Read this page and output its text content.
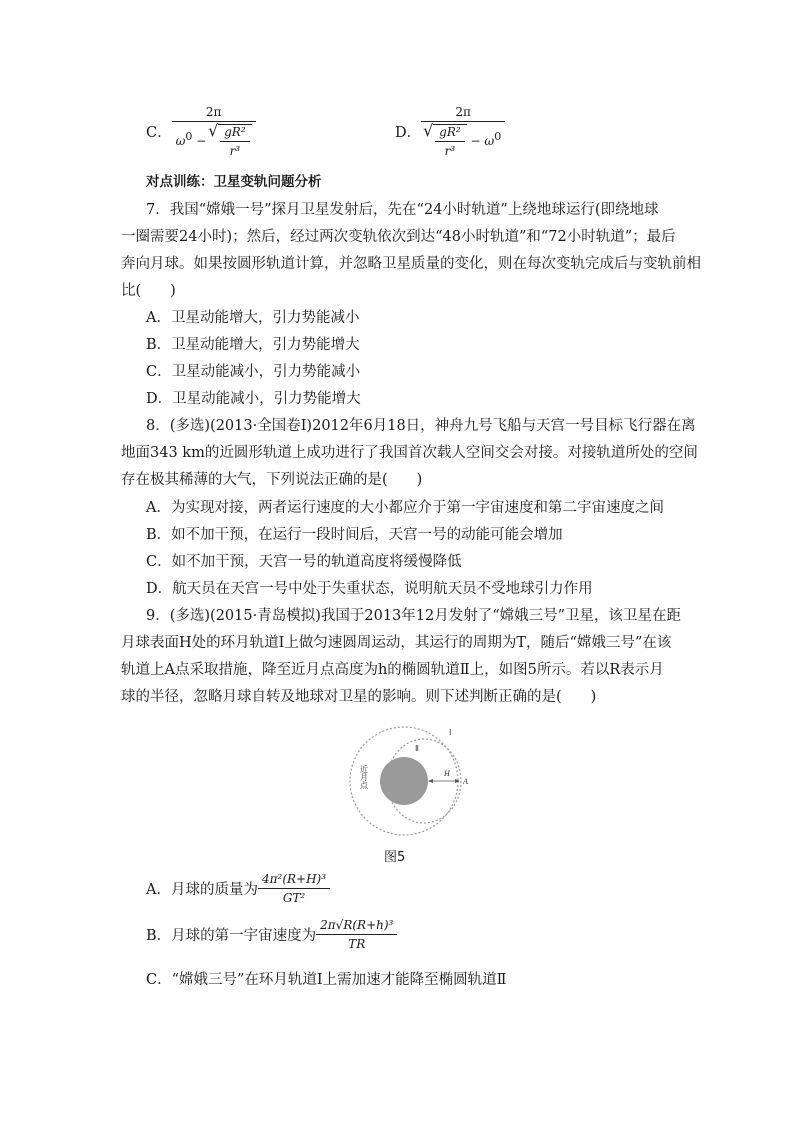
C． 2π
$\omega^0$ −
√ $\frac{\text{gR²}}{\text{r³}}$	D． 2π
√ $\frac{\text{gR²}}{\text{r³}} - \omega^0$
对点训练：卫星变轨问题分析
7．我国“嫦娥一号”探月卫星发射后，先在“24小时轨道”上绕地球运行(即绕地球
一圈需要24小时)；然后，经过两次变轨依次到达“48小时轨道”和“72小时轨道”；最后
奔向月球。如果按圆形轨道计算，并忽略卫星质量的变化，则在每次变轨完成后与变轨前相
比(　　)
A．卫星动能增大，引力势能减小
B．卫星动能增大，引力势能增大
C．卫星动能减小，引力势能减小
D．卫星动能减小，引力势能增大
8．(多选)(2013·全国卷Ⅰ)2012年6月18日，神舟九号飞船与天宫一号目标飞行器在离
地面343 km的近圆形轨道上成功进行了我国首次载人空间交会对接。对接轨道所处的空间
存在极其稀薄的大气，下列说法正确的是(　　)
A．为实现对接，两者运行速度的大小都应介于第一宇宙速度和第二宇宙速度之间
B．如不加干预，在运行一段时间后，天宫一号的动能可能会增加
C．如不加干预，天宫一号的轨道高度将缓慢降低
D．航天员在天宫一号中处于失重状态，说明航天员不受地球引力作用
9．(多选)(2015·青岛模拟)我国于2013年12月发射了“嫦娥三号”卫星，该卫星在距
月球表面H处的环月轨道Ⅰ上做匀速圆周运动，其运行的周期为T，随后“嫦娥三号”在该
轨道上A点采取措施，降至近月点高度为h的椭圆轨道Ⅱ上，如图5所示。若以R表示月
球的半径，忽略月球自转及地球对卫星的影响。则下述判断正确的是(　　)
H
A
Ⅰ
Ⅱ
近月点
图5
A．月球的质量为 $\frac{\text{4π²(R+H)³}}{\text{GT²}}$
B．月球的第一宇宙速度为 $\frac{\text{2π√R(R+h)³}}{TR}$
C．“嫦娥三号”在环月轨道Ⅰ上需加速才能降至椭圆轨道Ⅱ
